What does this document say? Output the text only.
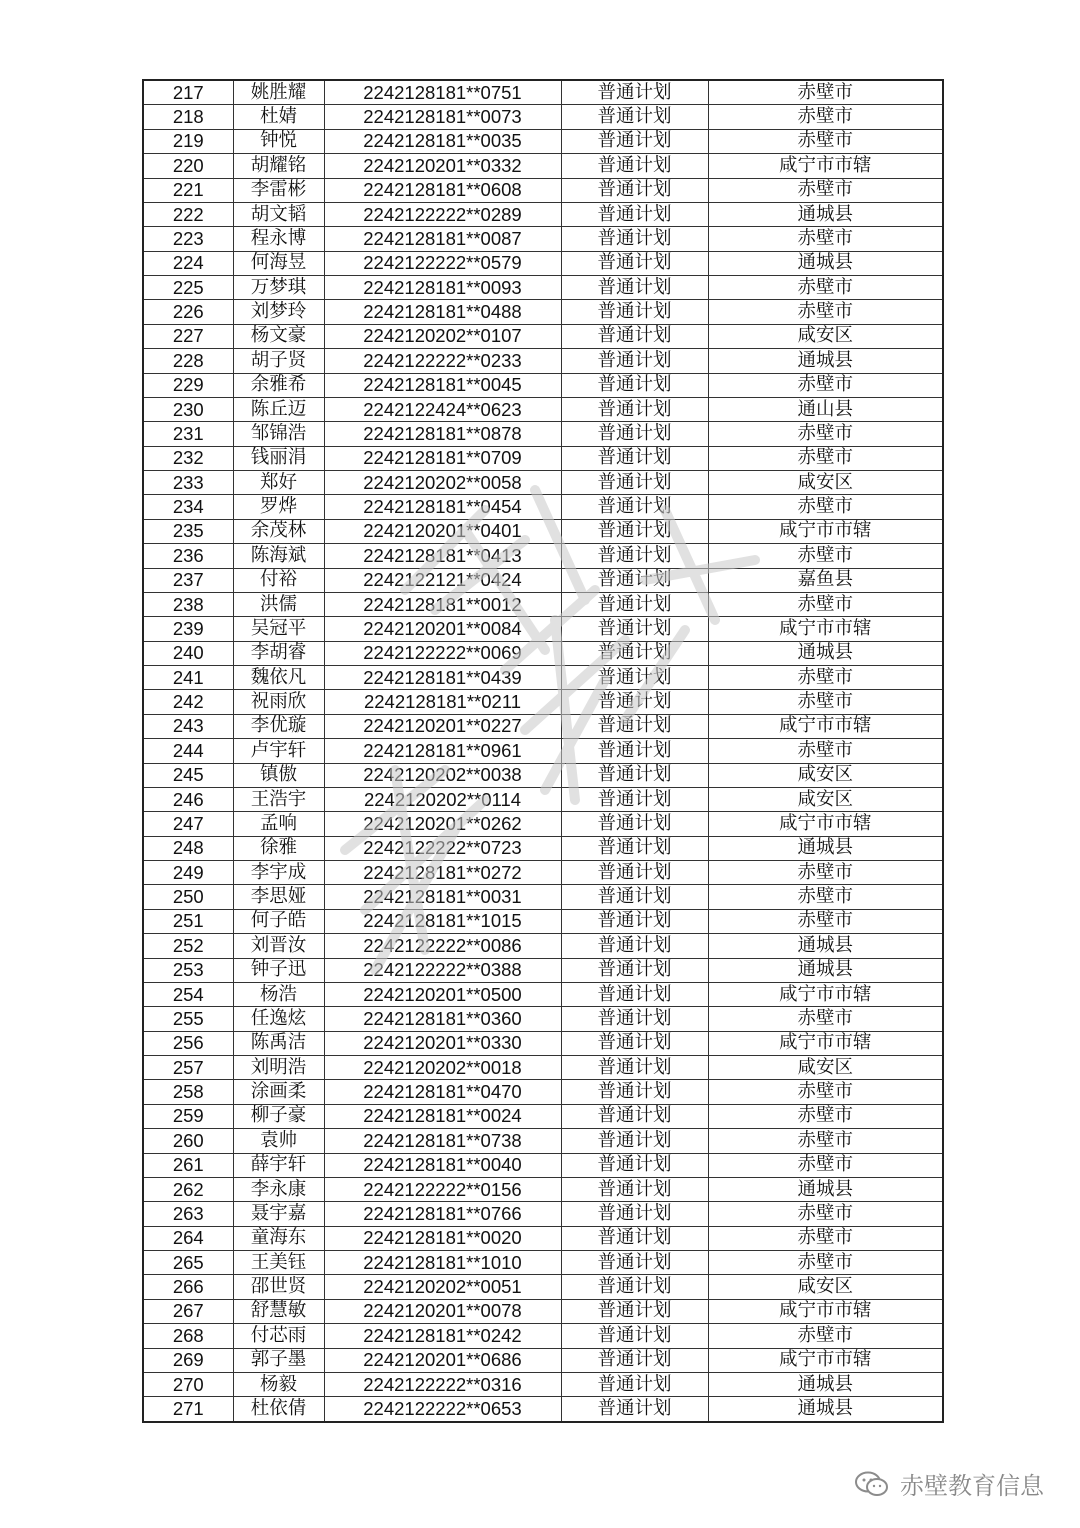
217	姚胜耀	2242128181**0751	普通计划	赤壁市
218	杜婧	2242128181**0073	普通计划	赤壁市
219	钟悦	2242128181**0035	普通计划	赤壁市
220	胡耀铭	2242120201**0332	普通计划	咸宁市市辖
221	李雷彬	2242128181**0608	普通计划	赤壁市
222	胡文韬	2242122222**0289	普通计划	通城县
223	程永博	2242128181**0087	普通计划	赤壁市
224	何海昱	2242122222**0579	普通计划	通城县
225	万梦琪	2242128181**0093	普通计划	赤壁市
226	刘梦玲	2242128181**0488	普通计划	赤壁市
227	杨文豪	2242120202**0107	普通计划	咸安区
228	胡子贤	2242122222**0233	普通计划	通城县
229	余雅希	2242128181**0045	普通计划	赤壁市
230	陈丘迈	2242122424**0623	普通计划	通山县
231	邹锦浩	2242128181**0878	普通计划	赤壁市
232	钱丽涓	2242128181**0709	普通计划	赤壁市
233	郑好	2242120202**0058	普通计划	咸安区
234	罗烨	2242128181**0454	普通计划	赤壁市
235	余茂林	2242120201**0401	普通计划	咸宁市市辖
236	陈海斌	2242128181**0413	普通计划	赤壁市
237	付裕	2242122121**0424	普通计划	嘉鱼县
238	洪儒	2242128181**0012	普通计划	赤壁市
239	吴冠平	2242120201**0084	普通计划	咸宁市市辖
240	李胡睿	2242122222**0069	普通计划	通城县
241	魏依凡	2242128181**0439	普通计划	赤壁市
242	祝雨欣	2242128181**0211	普通计划	赤壁市
243	李优璇	2242120201**0227	普通计划	咸宁市市辖
244	卢宇轩	2242128181**0961	普通计划	赤壁市
245	镇傲	2242120202**0038	普通计划	咸安区
246	王浩宇	2242120202**0114	普通计划	咸安区
247	孟响	2242120201**0262	普通计划	咸宁市市辖
248	徐雅	2242122222**0723	普通计划	通城县
249	李宇成	2242128181**0272	普通计划	赤壁市
250	李思娅	2242128181**0031	普通计划	赤壁市
251	何子皓	2242128181**1015	普通计划	赤壁市
252	刘晋汝	2242122222**0086	普通计划	通城县
253	钟子迅	2242122222**0388	普通计划	通城县
254	杨浩	2242120201**0500	普通计划	咸宁市市辖
255	任逸炫	2242128181**0360	普通计划	赤壁市
256	陈禹洁	2242120201**0330	普通计划	咸宁市市辖
257	刘明浩	2242120202**0018	普通计划	咸安区
258	涂画柔	2242128181**0470	普通计划	赤壁市
259	柳子豪	2242128181**0024	普通计划	赤壁市
260	袁帅	2242128181**0738	普通计划	赤壁市
261	薛宇轩	2242128181**0040	普通计划	赤壁市
262	李永康	2242122222**0156	普通计划	通城县
263	聂宇嘉	2242128181**0766	普通计划	赤壁市
264	童海东	2242128181**0020	普通计划	赤壁市
265	王美钰	2242128181**1010	普通计划	赤壁市
266	邵世贤	2242120202**0051	普通计划	咸安区
267	舒慧敏	2242120201**0078	普通计划	咸宁市市辖
268	付芯雨	2242128181**0242	普通计划	赤壁市
269	郭子墨	2242120201**0686	普通计划	咸宁市市辖
270	杨毅	2242122222**0316	普通计划	通城县
271	杜依倩	2242122222**0653	普通计划	通城县
赤壁教育信息
